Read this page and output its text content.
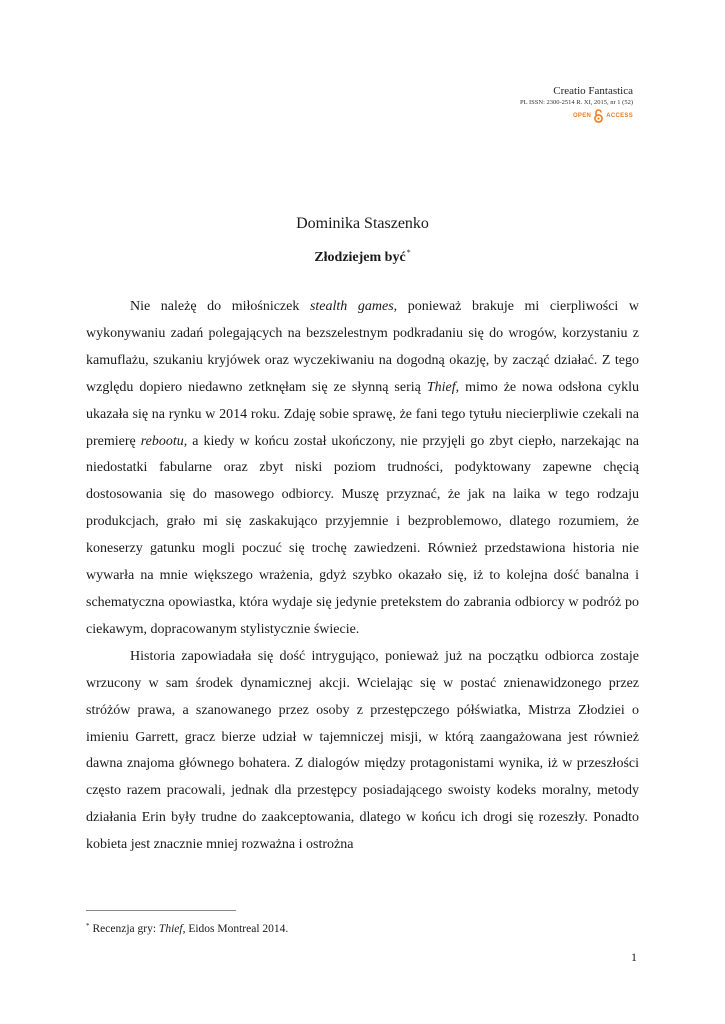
Creatio Fantastica
PL ISSN: 2300-2514 R. XI, 2015, nr 1 (52)
OPEN	ACCESS
Dominika Staszenko
Złodziejem być*

Nie należę do miłośniczek stealth games, ponieważ brakuje mi cierpliwości w wykonywaniu zadań polegających na bezszelestnym podkradaniu się do wrogów, korzystaniu z kamuflażu, szukaniu kryjówek oraz wyczekiwaniu na dogodną okazję, by zacząć działać. Z tego względu dopiero niedawno zetknęłam się ze słynną serią Thief, mimo że nowa odsłona cyklu ukazała się na rynku w 2014 roku. Zdaję sobie sprawę, że fani tego tytułu niecierpliwie czekali na premierę rebootu, a kiedy w końcu został ukończony, nie przyjęli go zbyt ciepło, narzekając na niedostatki fabularne oraz zbyt niski poziom trudności, podyktowany zapewne chęcią dostosowania się do masowego odbiorcy. Muszę przyznać, że jak na laika w tego rodzaju produkcjach, grało mi się zaskakująco przyjemnie i bezproblemowo, dlatego rozumiem, że koneserzy gatunku mogli poczuć się trochę zawiedzeni. Również przedstawiona historia nie wywarła na mnie większego wrażenia, gdyż szybko okazało się, iż to kolejna dość banalna i schematyczna opowiastka, która wydaje się jedynie pretekstem do zabrania odbiorcy w podróż po ciekawym, dopracowanym stylistycznie świecie.

Historia zapowiadała się dość intrygująco, ponieważ już na początku odbiorca zostaje wrzucony w sam środek dynamicznej akcji. Wcielając się w postać znienawidzonego przez stróżów prawa, a szanowanego przez osoby z przestępczego półświatka, Mistrza Złodziei o imieniu Garrett, gracz bierze udział w tajemniczej misji, w którą zaangażowana jest również dawna znajoma głównego bohatera. Z dialogów między protagonistami wynika, iż w przeszłości często razem pracowali, jednak dla przestępcy posiadającego swoisty kodeks moralny, metody działania Erin były trudne do zaakceptowania, dlatego w końcu ich drogi się rozeszły. Ponadto kobieta jest znacznie mniej rozważna i ostrożna

* Recenzja gry: Thief, Eidos Montreal 2014.
1
